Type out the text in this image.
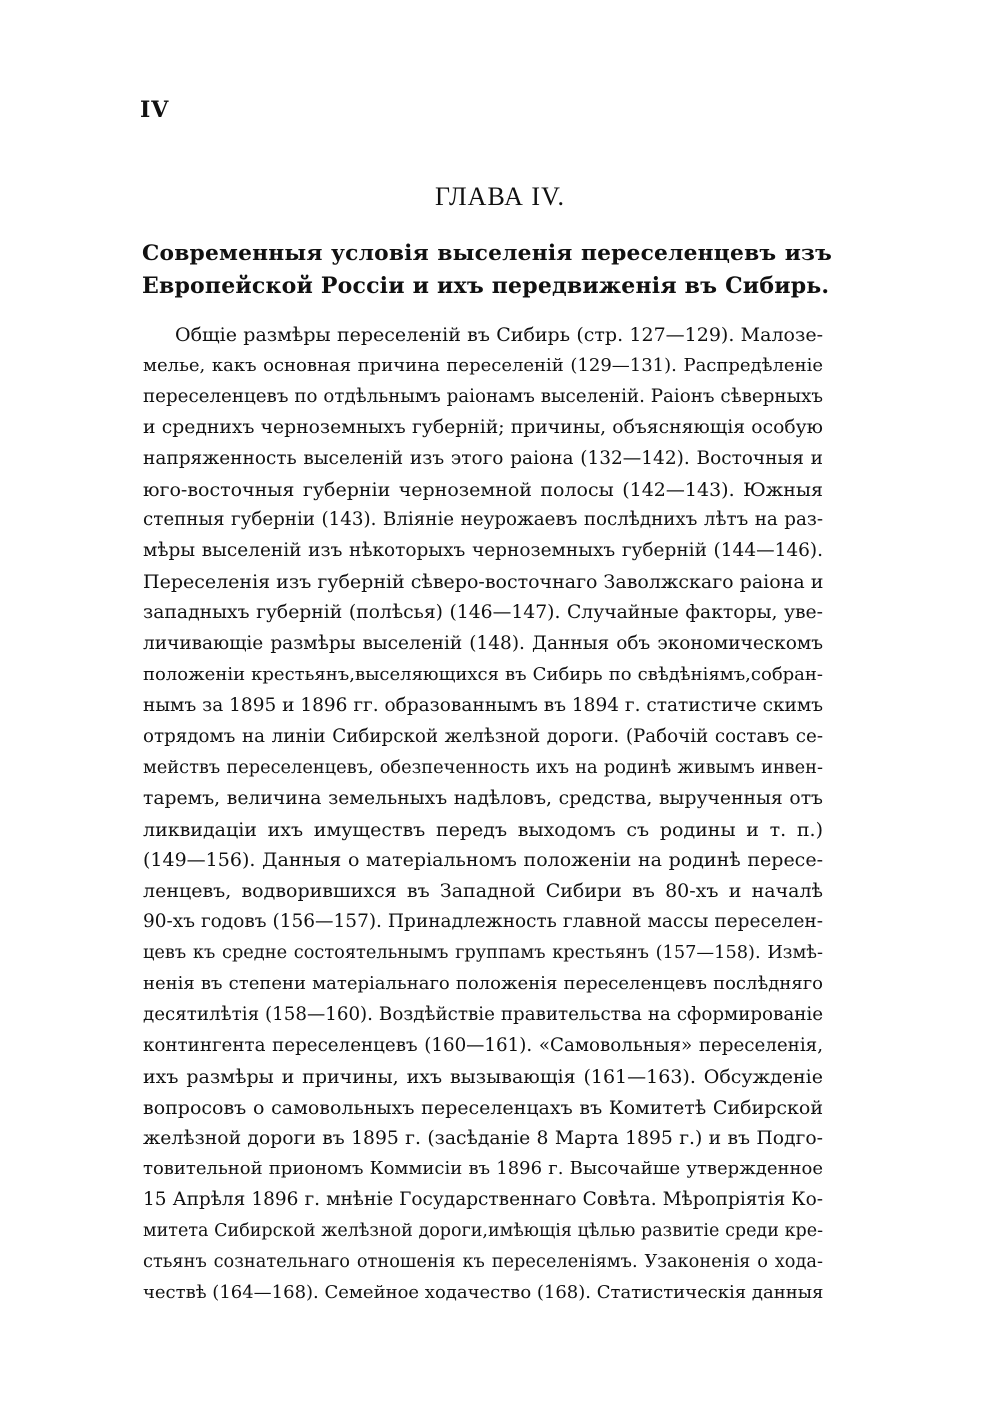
IV
ГЛАВА IV.
Современныя условія выселенія переселенцевъ изъ
Европейской Россіи и ихъ передвиженія въ Сибирь.
Общіе размѣры переселеній въ Сибирь (стр. 127—129). Малозе-
мелье, какъ основная причина переселеній (129—131). Распредѣленіе
переселенцевъ по отдѣльнымъ раіонамъ выселеній. Раіонъ сѣверныхъ
и среднихъ черноземныхъ губерній; причины, объясняющія особую
напряженность выселеній изъ этого раіона (132—142). Восточныя и
юго-восточныя губерніи черноземной полосы (142—143). Южныя
степныя губерніи (143). Вліяніе неурожаевъ послѣднихъ лѣтъ на раз-
мѣры выселеній изъ нѣкоторыхъ черноземныхъ губерній (144—146).
Переселенія изъ губерній сѣверо-восточнаго Заволжскаго раіона и
западныхъ губерній (полѣсья) (146—147). Случайные факторы, уве-
личивающіе размѣры выселеній (148). Данныя объ экономическомъ
положеніи крестьянъ,выселяющихся въ Сибирь по свѣдѣніямъ,собран-
нымъ за 1895 и 1896 гг. образованнымъ въ 1894 г. статистиче скимъ
отрядомъ на линіи Сибирской желѣзной дороги. (Рабочій составъ се-
мействъ переселенцевъ, обезпеченность ихъ на родинѣ живымъ инвен-
таремъ, величина земельныхъ надѣловъ, средства, вырученныя отъ
ликвидаціи ихъ имуществъ передъ выходомъ съ родины и т. п.)
(149—156). Данныя о матеріальномъ положеніи на родинѣ пересе-
ленцевъ, водворившихся въ Западной Сибири въ 80-хъ и началѣ
90-хъ годовъ (156—157). Принадлежность главной массы переселен-
цевъ къ средне состоятельнымъ группамъ крестьянъ (157—158). Измѣ-
ненія въ степени матеріальнаго положенія переселенцевъ послѣдняго
десятилѣтія (158—160). Воздѣйствіе правительства на сформированіе
контингента переселенцевъ (160—161). «Самовольныя» переселенія,
ихъ размѣры и причины, ихъ вызывающія (161—163). Обсужденіе
вопросовъ о самовольныхъ переселенцахъ въ Комитетѣ Сибирской
желѣзной дороги въ 1895 г. (засѣданіе 8 Марта 1895 г.) и въ Подго-
товительной приономъ Коммисіи въ 1896 г. Высочайше утвержденное
15 Апрѣля 1896 г. мнѣніе Государственнаго Совѣта. Мѣропріятія Ко-
митета Сибирской желѣзной дороги,имѣющія цѣлью развитіе среди кре-
стьянъ сознательнаго отношенія къ переселеніямъ. Узаконенія о хода-
чествѣ (164—168). Семейное ходачество (168). Статистическія данныя
